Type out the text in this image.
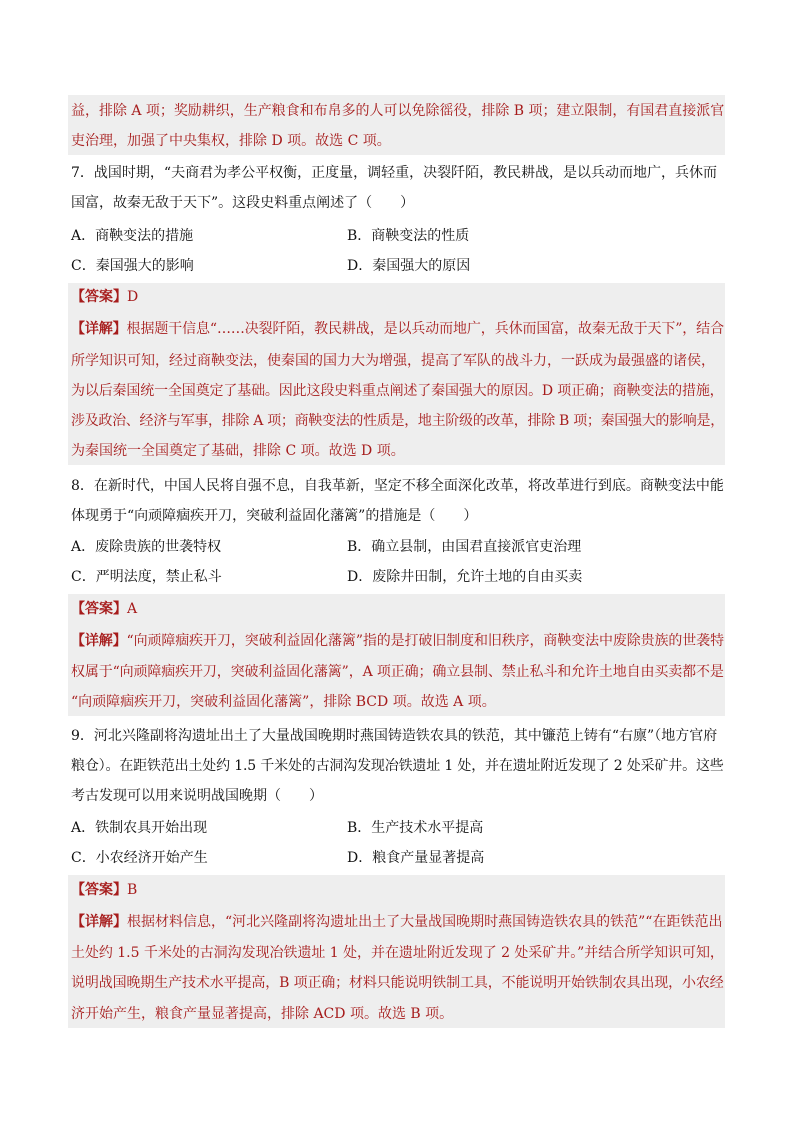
益，排除 A 项；奖励耕织，生产粮食和布帛多的人可以免除徭役，排除 B 项；建立限制，有国君直接派官
吏治理，加强了中央集权，排除 D 项。故选 C 项。
7．战国时期，“夫商君为孝公平权衡，正度量，调轻重，决裂阡陌，教民耕战，是以兵动而地广，兵休而
国富，故秦无敌于天下”。这段史料重点阐述了（　　）
A．商鞅变法的措施	B．商鞅变法的性质
C．秦国强大的影响	D．秦国强大的原因
【答案】D
【详解】根据题干信息“……决裂阡陌，教民耕战，是以兵动而地广，兵休而国富，故秦无敌于天下”，结合
所学知识可知，经过商鞅变法，使秦国的国力大为增强，提高了军队的战斗力，一跃成为最强盛的诸侯，
为以后秦国统一全国奠定了基础。因此这段史料重点阐述了秦国强大的原因。D 项正确；商鞅变法的措施，
涉及政治、经济与军事，排除 A 项；商鞅变法的性质是，地主阶级的改革，排除 B 项；秦国强大的影响是，
为秦国统一全国奠定了基础，排除 C 项。故选 D 项。
8．在新时代，中国人民将自强不息，自我革新，坚定不移全面深化改革，将改革进行到底。商鞅变法中能
体现勇于“向顽障痼疾开刀，突破利益固化藩篱”的措施是（　　）
A．废除贵族的世袭特权	B．确立县制，由国君直接派官吏治理
C．严明法度，禁止私斗	D．废除井田制，允许土地的自由买卖
【答案】A
【详解】“向顽障痼疾开刀，突破利益固化藩篱”指的是打破旧制度和旧秩序，商鞅变法中废除贵族的世袭特
权属于“向顽障痼疾开刀，突破利益固化藩篱”，A 项正确；确立县制、禁止私斗和允许土地自由买卖都不是
“向顽障痼疾开刀，突破利益固化藩篱”，排除 BCD 项。故选 A 项。
9．河北兴隆副将沟遗址出土了大量战国晚期时燕国铸造铁农具的铁范，其中镰范上铸有“右廪”（地方官府
粮仓）。在距铁范出土处约 1.5 千米处的古洞沟发现冶铁遗址 1 处，并在遗址附近发现了 2 处采矿井。这些
考古发现可以用来说明战国晚期（　　）
A．铁制农具开始出现	B．生产技术水平提高
C．小农经济开始产生	D．粮食产量显著提高
【答案】B
【详解】根据材料信息，“河北兴隆副将沟遗址出土了大量战国晚期时燕国铸造铁农具的铁范”“在距铁范出
土处约 1.5 千米处的古洞沟发现冶铁遗址 1 处，并在遗址附近发现了 2 处采矿井。”并结合所学知识可知，
说明战国晚期生产技术水平提高，B 项正确；材料只能说明铁制工具，不能说明开始铁制农具出现，小农经
济开始产生，粮食产量显著提高，排除 ACD 项。故选 B 项。
